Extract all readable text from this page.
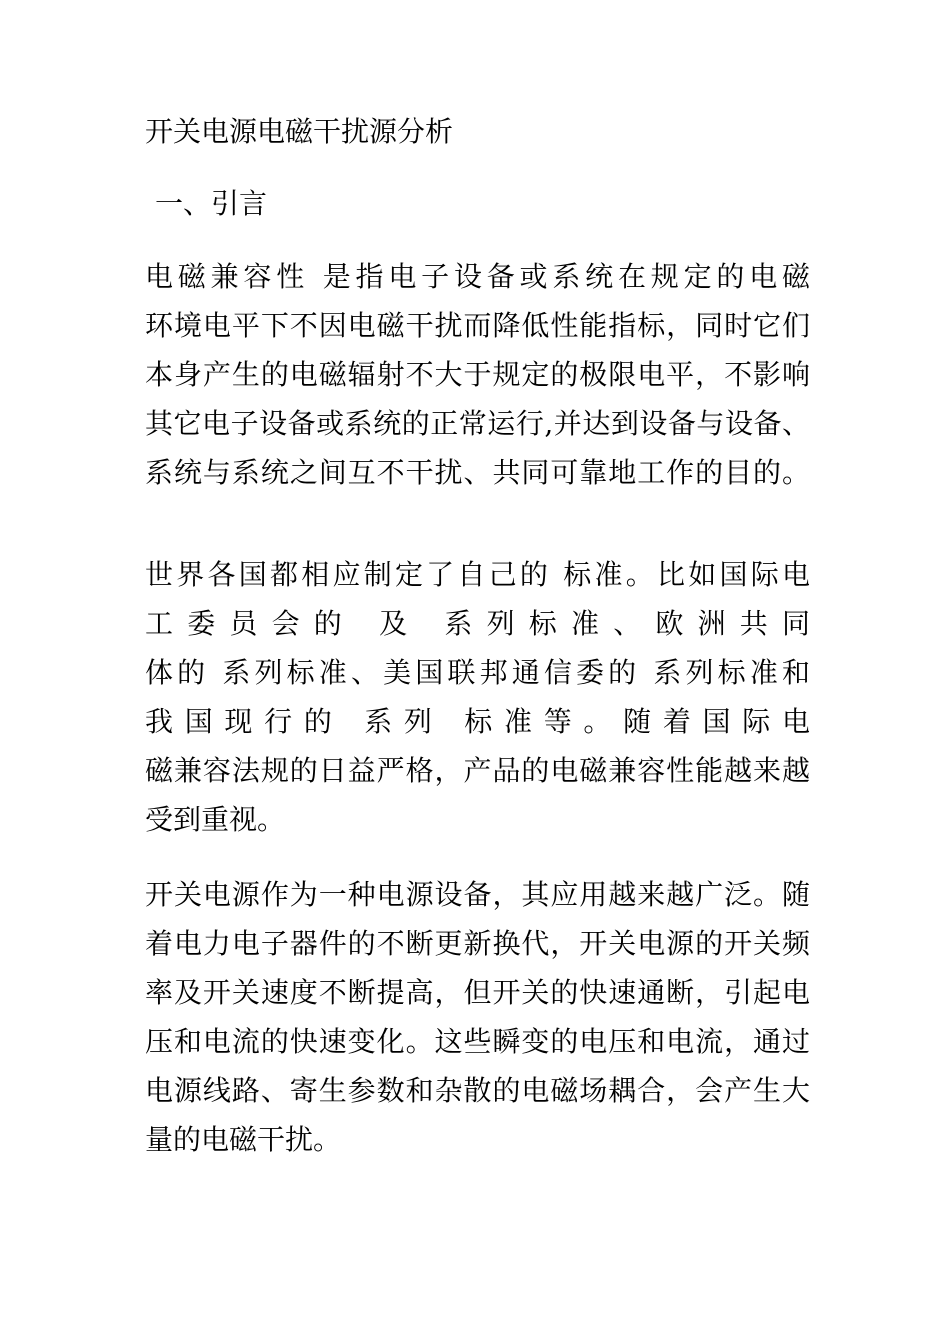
开关电源电磁干扰源分析
一、引言
电磁兼容性 是指电子设备或系统在规定的电磁
环境电平下不因电磁干扰而降低性能指标，同时它们
本身产生的电磁辐射不大于规定的极限电平，不影响
其它电子设备或系统的正常运行,并达到设备与设备、
系统与系统之间互不干扰、共同可靠地工作的目的。
世界各国都相应制定了自己的 标准。比如国际电
工委员会的 及 系列标准、欧洲共同
体的 系列标准、美国联邦通信委的 系列标准和
我国现行的 系列 标准等。随着国际电
磁兼容法规的日益严格，产品的电磁兼容性能越来越
受到重视。
开关电源作为一种电源设备，其应用越来越广泛。随
着电力电子器件的不断更新换代，开关电源的开关频
率及开关速度不断提高，但开关的快速通断，引起电
压和电流的快速变化。这些瞬变的电压和电流，通过
电源线路、寄生参数和杂散的电磁场耦合，会产生大
量的电磁干扰。
